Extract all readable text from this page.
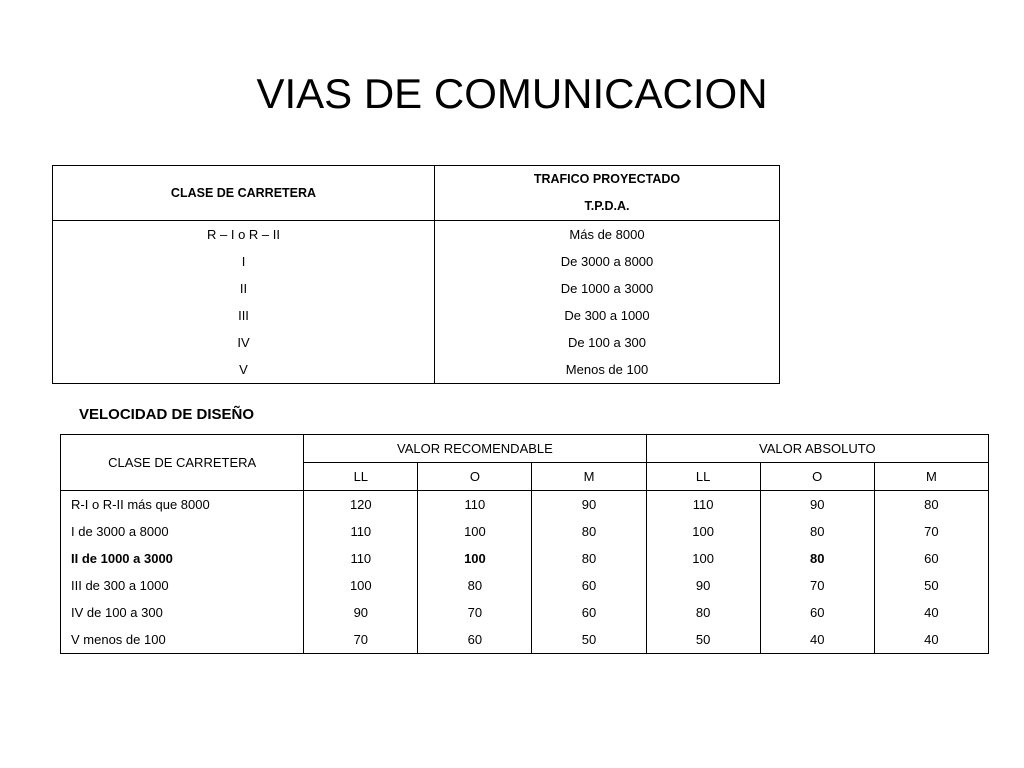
VIAS DE COMUNICACION
CLASE DE CARRETERA	TRAFICO PROYECTADO
T.P.D.A.

R – I o R – II	Más de 8000
I	De 3000 a 8000
II	De 1000 a 3000
III	De 300 a 1000
IV	De 100 a 300
V	Menos de 100
VELOCIDAD DE DISEÑO
CLASE DE CARRETERA	VALOR RECOMENDABLE			VALOR ABSOLUTO		
	LL	O	M	LL	O	M
R-I o R-II más que 8000	120	110	90	110	90	80
I de 3000 a 8000	110	100	80	100	80	70
II de 1000 a 3000	110	100	80	100	80	60
III de 300 a 1000	100	80	60	90	70	50
IV de 100 a 300	90	70	60	80	60	40
V menos de 100	70	60	50	50	40	40
